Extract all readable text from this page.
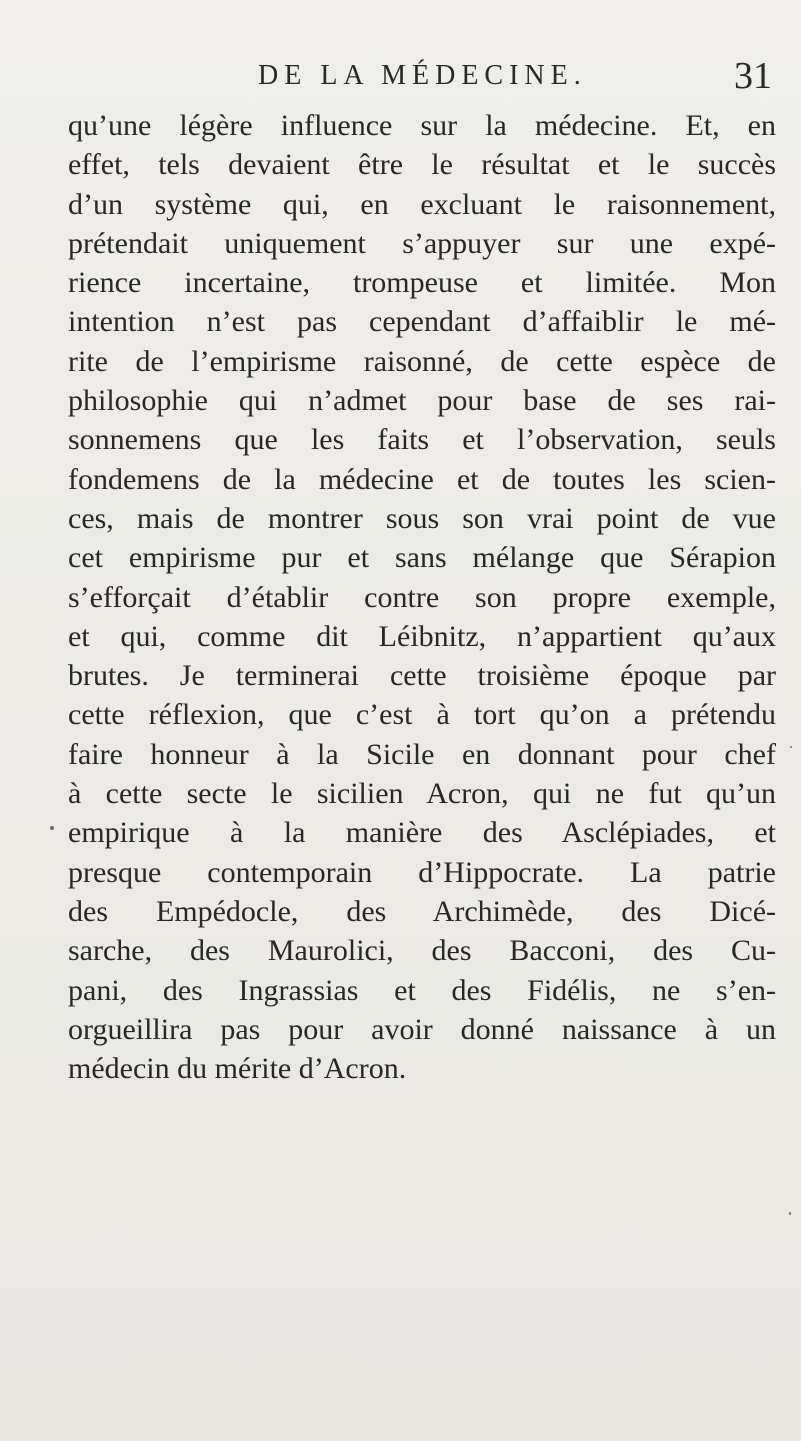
DE LA MÉDECINE.	31
qu’une légère influence sur la médecine. Et, en
effet, tels devaient être le résultat et le succès
d’un système qui, en excluant le raisonnement,
prétendait uniquement s’appuyer sur une expé-
rience incertaine, trompeuse et limitée. Mon
intention n’est pas cependant d’affaiblir le mé-
rite de l’empirisme raisonné, de cette espèce de
philosophie qui n’admet pour base de ses rai-
sonnemens que les faits et l’observation, seuls
fondemens de la médecine et de toutes les scien-
ces, mais de montrer sous son vrai point de vue
cet empirisme pur et sans mélange que Sérapion
s’efforçait d’établir contre son propre exemple,
et qui, comme dit Léibnitz, n’appartient qu’aux
brutes. Je terminerai cette troisième époque par
cette réflexion, que c’est à tort qu’on a prétendu
faire honneur à la Sicile en donnant pour chef
à cette secte le sicilien Acron, qui ne fut qu’un
empirique à la manière des Asclépiades, et
presque contemporain d’Hippocrate. La patrie
des Empédocle, des Archimède, des Dicé-
sarche, des Maurolici, des Bacconi, des Cu-
pani, des Ingrassias et des Fidélis, ne s’en-
orgueillira pas pour avoir donné naissance à un
médecin du mérite d’Acron.
